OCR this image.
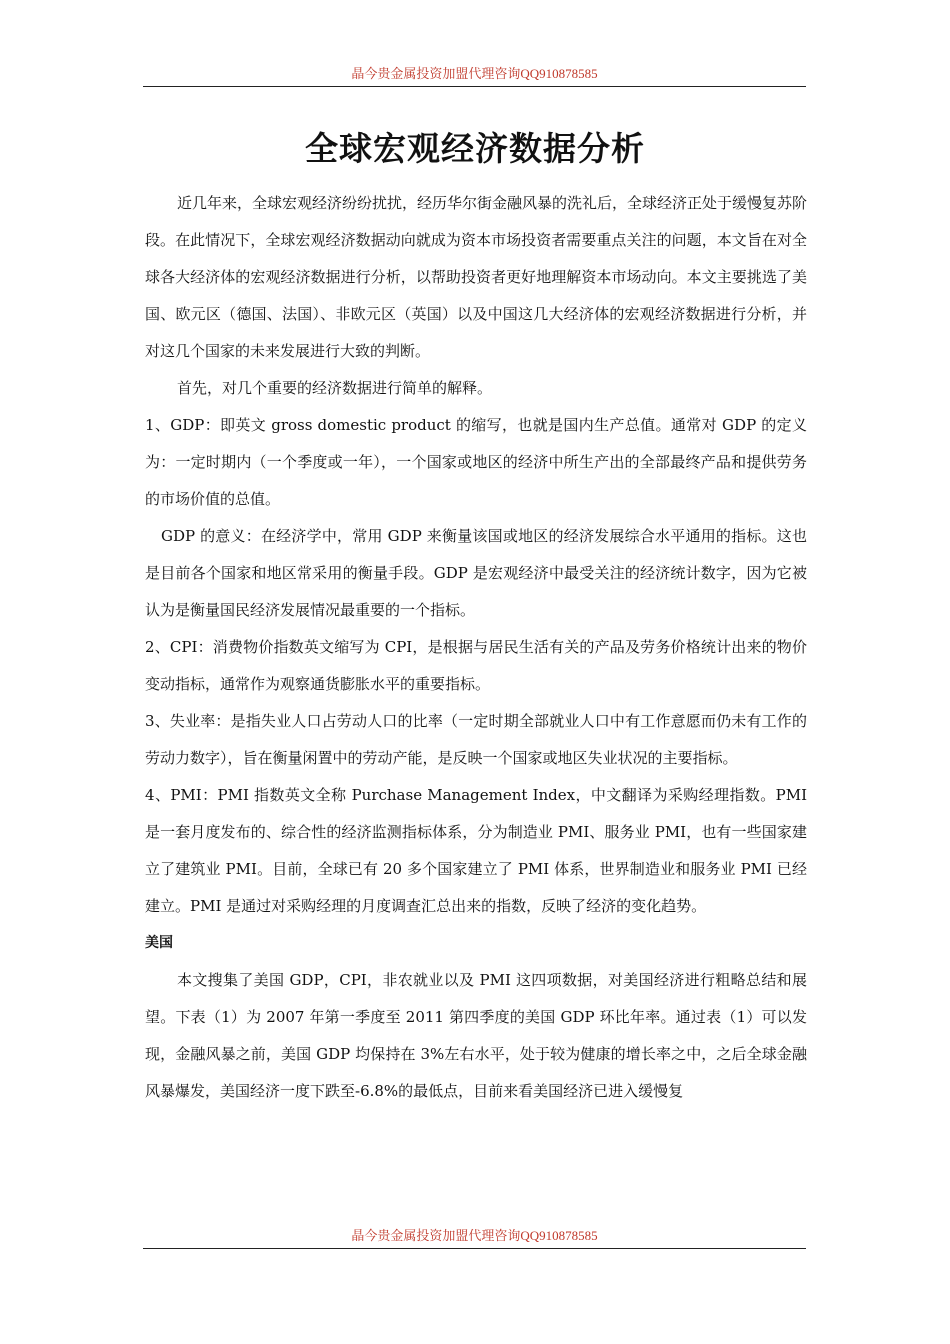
晶今贵金属投资加盟代理咨询QQ910878585
全球宏观经济数据分析

近几年来，全球宏观经济纷纷扰扰，经历华尔街金融风暴的洗礼后，全球经济正处于缓慢复苏阶段。在此情况下，全球宏观经济数据动向就成为资本市场投资者需要重点关注的问题，本文旨在对全球各大经济体的宏观经济数据进行分析，以帮助投资者更好地理解资本市场动向。本文主要挑选了美国、欧元区（德国、法国）、非欧元区（英国）以及中国这几大经济体的宏观经济数据进行分析，并对这几个国家的未来发展进行大致的判断。

首先，对几个重要的经济数据进行简单的解释。

1、GDP：即英文 gross domestic product 的缩写，也就是国内生产总值。通常对 GDP 的定义为：一定时期内（一个季度或一年），一个国家或地区的经济中所生产出的全部最终产品和提供劳务的市场价值的总值。

GDP 的意义：在经济学中，常用 GDP 来衡量该国或地区的经济发展综合水平通用的指标。这也是目前各个国家和地区常采用的衡量手段。GDP 是宏观经济中最受关注的经济统计数字，因为它被认为是衡量国民经济发展情况最重要的一个指标。

2、CPI：消费物价指数英文缩写为 CPI，是根据与居民生活有关的产品及劳务价格统计出来的物价变动指标，通常作为观察通货膨胀水平的重要指标。

3、失业率：是指失业人口占劳动人口的比率（一定时期全部就业人口中有工作意愿而仍未有工作的劳动力数字），旨在衡量闲置中的劳动产能，是反映一个国家或地区失业状况的主要指标。

4、PMI：PMI 指数英文全称 Purchase Management Index，中文翻译为采购经理指数。PMI 是一套月度发布的、综合性的经济监测指标体系，分为制造业 PMI、服务业 PMI，也有一些国家建立了建筑业 PMI。目前，全球已有 20 多个国家建立了 PMI 体系，世界制造业和服务业 PMI 已经建立。PMI 是通过对采购经理的月度调查汇总出来的指数，反映了经济的变化趋势。

美国

本文搜集了美国 GDP，CPI，非农就业以及 PMI 这四项数据，对美国经济进行粗略总结和展望。下表（1）为 2007 年第一季度至 2011 第四季度的美国 GDP 环比年率。通过表（1）可以发现，金融风暴之前，美国 GDP 均保持在 3%左右水平，处于较为健康的增长率之中，之后全球金融风暴爆发，美国经济一度下跌至-6.8%的最低点，目前来看美国经济已进入缓慢复

晶今贵金属投资加盟代理咨询QQ910878585
